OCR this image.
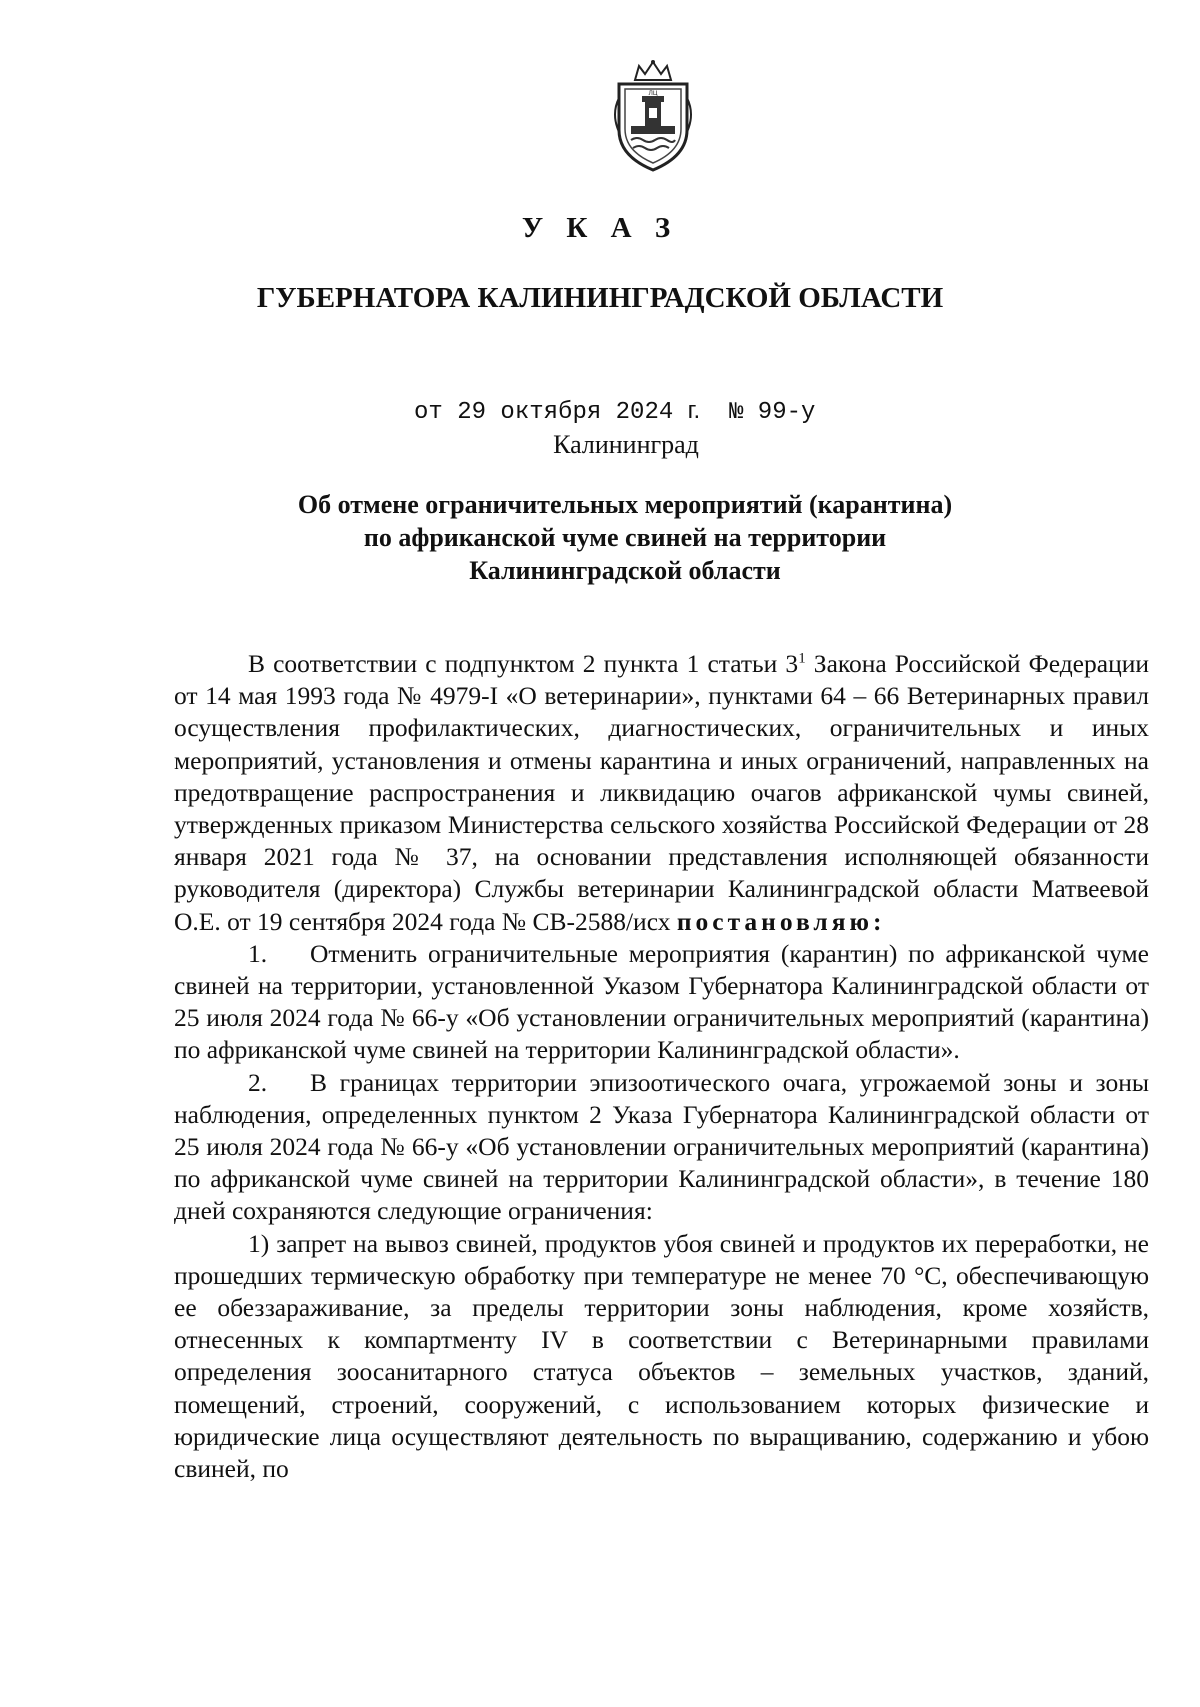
ЛЦ
У К А З
ГУБЕРНАТОРА КАЛИНИНГРАДСКОЙ ОБЛАСТИ
от 29 октября 2024 г. № 99-у
Калининград
Об отмене ограничительных мероприятий (карантина)
по африканской чуме свиней на территории
Калининградской области

В соответствии с подпунктом 2 пункта 1 статьи $3^1$ Закона Российской Федерации от 14 мая 1993 года № 4979-I «О ветеринарии», пунктами 64 – 66 Ветеринарных правил осуществления профилактических, диагностических, ограничительных и иных мероприятий, установления и отмены карантина и иных ограничений, направленных на предотвращение распространения и ликвидацию очагов африканской чумы свиней, утвержденных приказом Министерства сельского хозяйства Российской Федерации от 28 января 2021 года № 37, на основании представления исполняющей обязанности руководителя (директора) Службы ветеринарии Калининградской области Матвеевой О.Е. от 19 сентября 2024 года № СВ-2588/исх постановляю:

1. Отменить ограничительные мероприятия (карантин) по африканской чуме свиней на территории, установленной Указом Губернатора Калининградской области от 25 июля 2024 года № 66-у «Об установлении ограничительных мероприятий (карантина) по африканской чуме свиней на территории Калининградской области».

2. В границах территории эпизоотического очага, угрожаемой зоны и зоны наблюдения, определенных пунктом 2 Указа Губернатора Калининградской области от 25 июля 2024 года № 66-у «Об установлении ограничительных мероприятий (карантина) по африканской чуме свиней на территории Калининградской области», в течение 180 дней сохраняются следующие ограничения:

1) запрет на вывоз свиней, продуктов убоя свиней и продуктов их переработки, не прошедших термическую обработку при температуре не менее 70 °С, обеспечивающую ее обеззараживание, за пределы территории зоны наблюдения, кроме хозяйств, отнесенных к компартменту IV в соответствии с Ветеринарными правилами определения зоосанитарного статуса объектов – земельных участков, зданий, помещений, строений, сооружений, с использованием которых физические и юридические лица осуществляют деятельность по выращиванию, содержанию и убою свиней, по
